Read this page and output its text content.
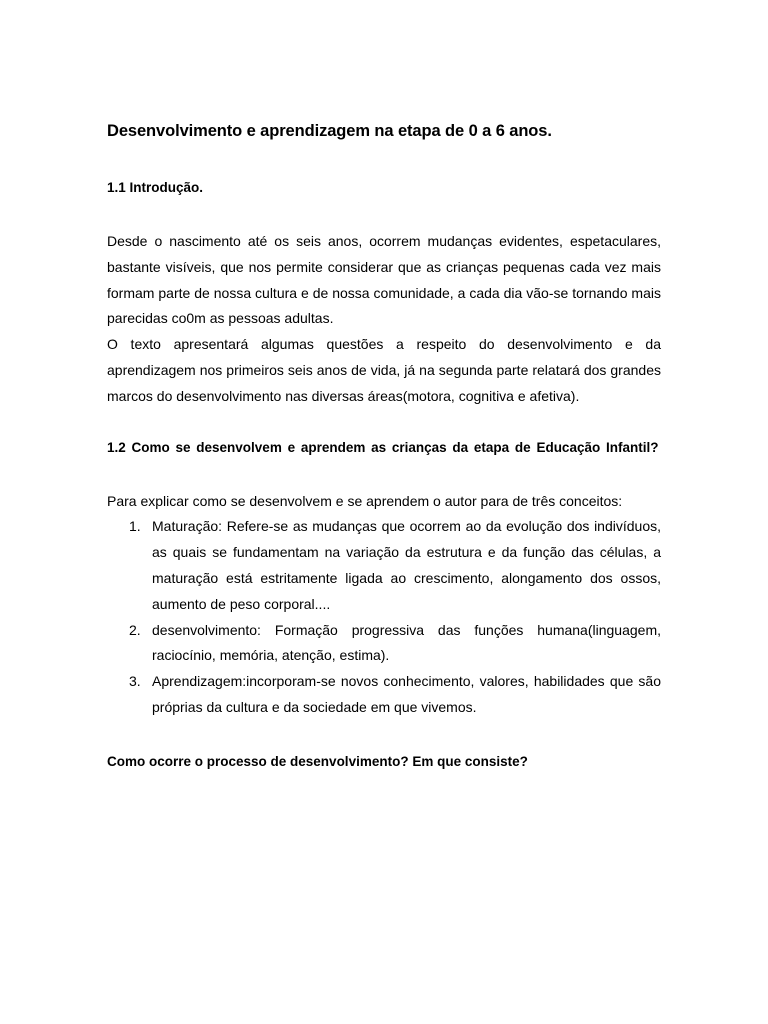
Desenvolvimento e aprendizagem na etapa de 0 a 6 anos.
1.1 Introdução.

Desde o nascimento até os seis anos, ocorrem mudanças evidentes, espetaculares, bastante visíveis, que nos permite considerar que as crianças pequenas cada vez mais formam parte de nossa cultura e de nossa comunidade, a cada dia vão-se tornando mais parecidas co0m as pessoas adultas.

O texto apresentará algumas questões a respeito do desenvolvimento e da aprendizagem nos primeiros seis anos de vida, já na segunda parte relatará dos grandes marcos do desenvolvimento nas diversas áreas(motora, cognitiva e afetiva).

1.2 Como se desenvolvem e aprendem as crianças da etapa de Educação Infantil?

Para explicar como se desenvolvem e se aprendem o autor para de três conceitos:

1. Maturação: Refere-se as mudanças que ocorrem ao da evolução dos indivíduos, as quais se fundamentam na variação da estrutura e da função das células, a maturação está estritamente ligada ao crescimento, alongamento dos ossos, aumento de peso corporal....
2. desenvolvimento: Formação progressiva das funções humana(linguagem, raciocínio, memória, atenção, estima).
3. Aprendizagem:incorporam-se novos conhecimento, valores, habilidades que são próprias da cultura e da sociedade em que vivemos.
Como ocorre o processo de desenvolvimento? Em que consiste?
